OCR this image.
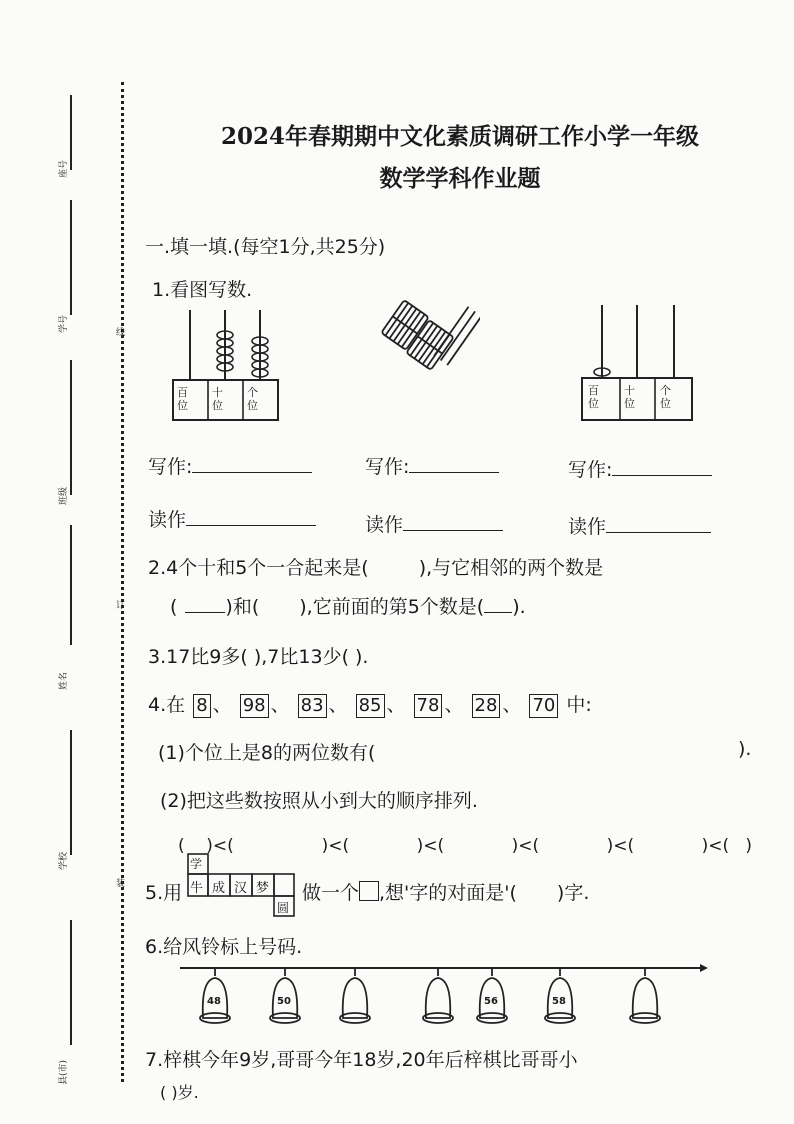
座号
学号
班级
姓名
学校
县(市)
线
订
装
2024年春期期中文化素质调研工作小学一年级
数学学科作业题
一.填一填.(每空1分,共25分)
1.看图写数.
百位
十位
个位
百位
十位
个位
写作:	写作:	写作:
读作	读作	读作
2.4个十和5个一合起来是(	),与它相邻的两个数是
(	)和( ),它前面的第5个数是( ).
3.17比9多( ),7比13少( ).
4.在 8 、 98 、 83 、 85 、 78 、 28 、 70 中:
(1)个位上是8的两位数有(	).
(2)把这些数按照从小到大的顺序排列.
(    )<(	)<(	)<(	)<(	)<(	)<(   )
5.用
学
牛 成 汉 梦
圆
做一个 ,想'字的对面是'( )字.
6.给风铃标上号码.
48	50	56	58
7.梓棋今年9岁,哥哥今年18岁,20年后梓棋比哥哥小
( )岁.
